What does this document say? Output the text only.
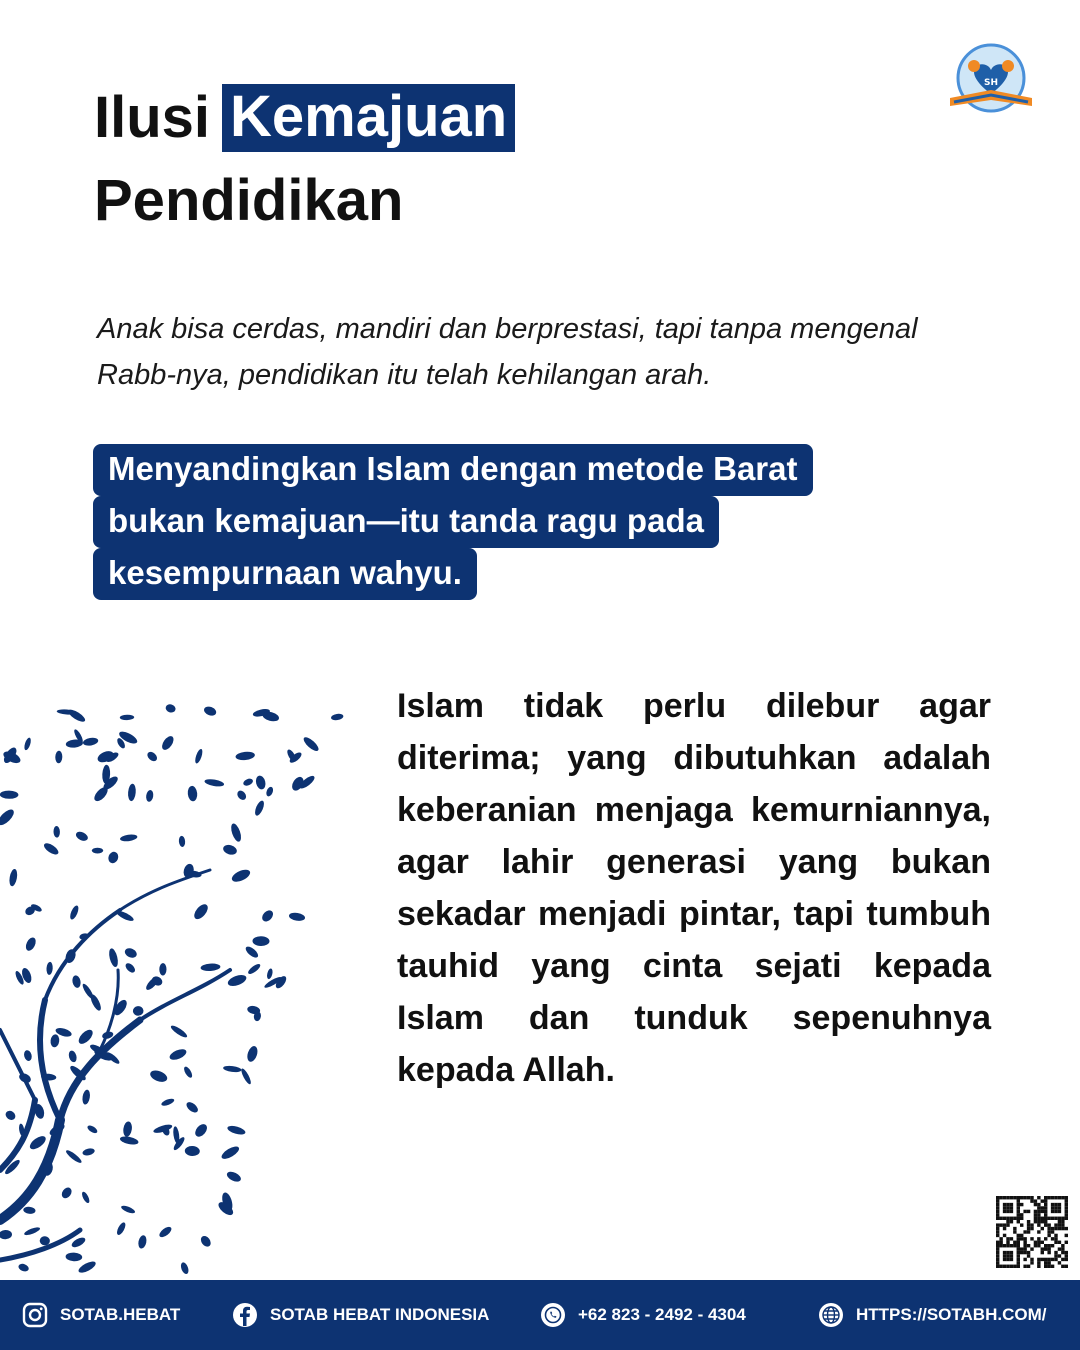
Ilusi Kemajuan
Pendidikan
SH
Anak bisa cerdas, mandiri dan berprestasi, tapi tanpa mengenal Rabb-nya, pendidikan itu telah kehilangan arah.
Menyandingkan Islam dengan metode Barat
bukan kemajuan—itu tanda ragu pada
kesempurnaan wahyu.
Islam tidak perlu dilebur agar diterima; yang dibutuhkan adalah keberanian menjaga kemurniannya, agar lahir generasi yang bukan sekadar menjadi pintar, tapi tumbuh tauhid yang cinta sejati kepada Islam dan tunduk sepenuhnya kepada Allah.
SOTAB.HEBAT	SOTAB HEBAT INDONESIA	+62 823 - 2492 - 4304	HTTPS://SOTABH.COM/
